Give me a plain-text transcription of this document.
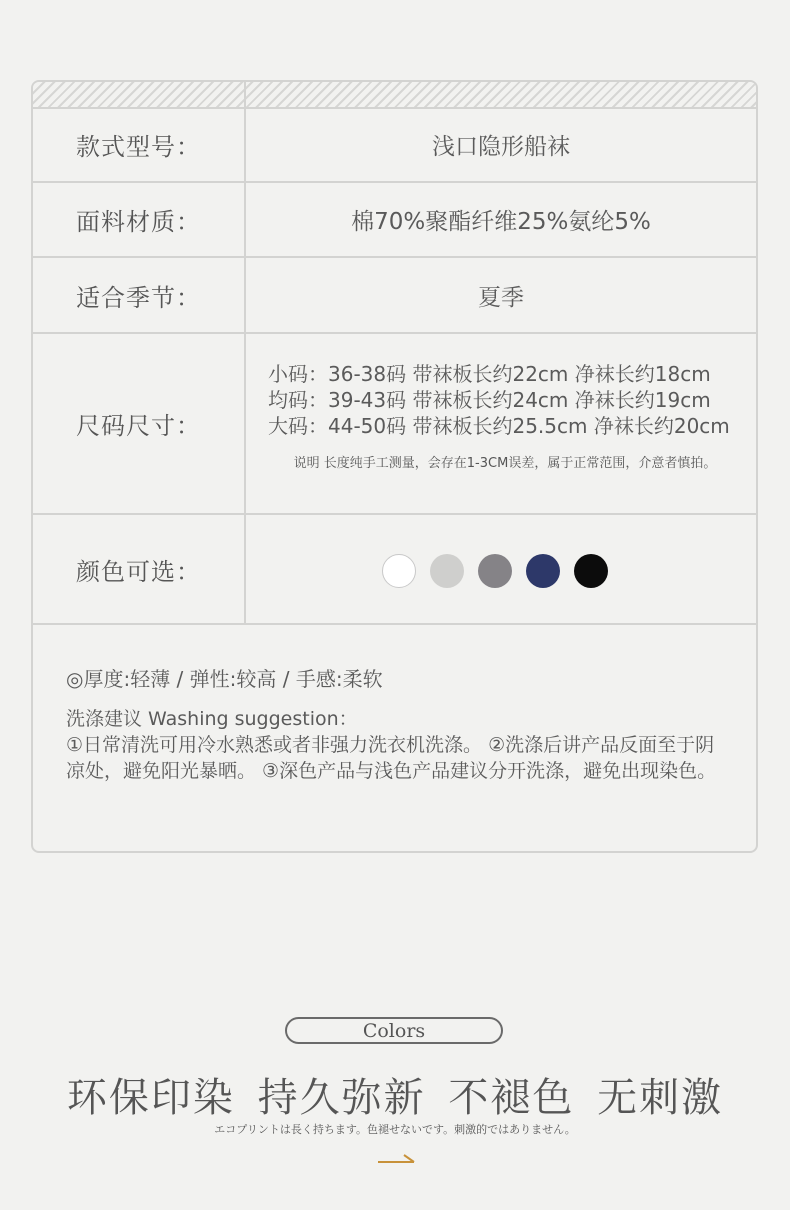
款式型号：	浅口隐形船袜
面料材质：	棉70%聚酯纤维25%氨纶5%
适合季节：	夏季
尺码尺寸：
小码：36-38码 带袜板长约22cm 净袜长约18cm
均码：39-43码 带袜板长约24cm 净袜长约19cm
大码：44-50码 带袜板长约25.5cm 净袜长约20cm
说明 长度纯手工测量，会存在1-3CM误差，属于正常范围，介意者慎拍。
颜色可选：
◎厚度:轻薄 / 弹性:较高 / 手感:柔软
洗涤建议 Washing suggestion：
①日常清洗可用冷水熟悉或者非强力洗衣机洗涤。 ②洗涤后讲产品反面至于阴凉处，避免阳光暴晒。 ③深色产品与浅色产品建议分开洗涤，避免出现染色。
Colors
环保印染 持久弥新 不褪色 无刺激
エコプリントは長く持ちます。色褪せないです。刺激的ではありません。
